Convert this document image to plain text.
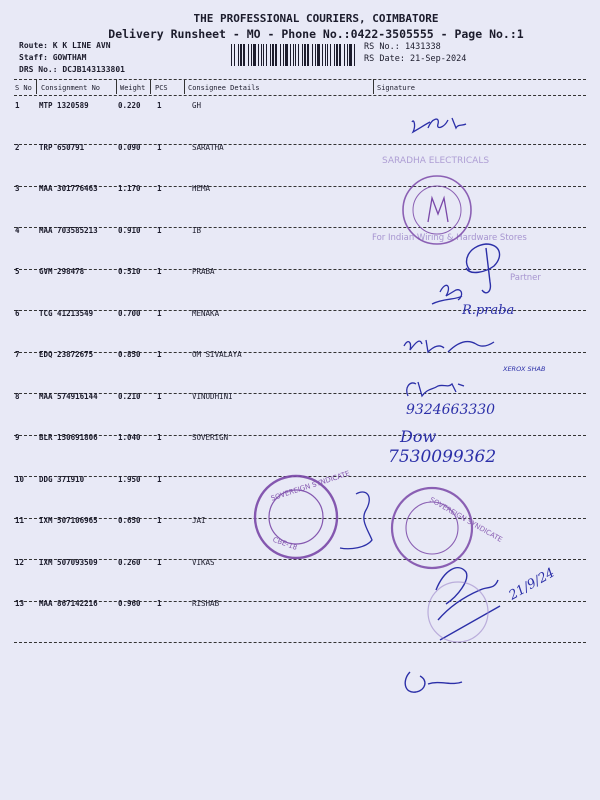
THE PROFESSIONAL COURIERS, COIMBATORE
Delivery Runsheet - MO - Phone No.:0422-3505555 - Page No.:1
Route: K K LINE AVN
Staff: GOWTHAM
DRS No.: DCJB143133801
RS No.: 1431338
RS Date: 21-Sep-2024
S No Consignment No	Weight PCS	Consignee Details	Signature
1	MTP 1320589	0.220 1	GH
2	TRP 650791	0.090 1	SARATHA
3	MAA 301776463	1.170 1	HEMA
4	MAA 703585213	0.910 1	IB
5	GVM 298478	0.510 1	PRABA
6	TCG 41213549	0.700 1	MENAKA
7	EDQ 23872675	0.850 1	OM SIVALAYA
8	MAA 574916144	0.210 1	VINODHINI
9	BLR 150691806	1.040 1	SOVERIGN
10 DDG 371910	1.950 1
11 IXM 507106965	0.650 1	JAI
12 IXM 507093509	0.260 1	VIKAS
13 MAA 867142216	0.960 1	RISHAB
SARADHA ELECTRICALS
For Indian Wiring & Hardware Stores
Partner
R.praba
XEROX SHAB
9324663330
Dow
7530099362
SOVEREIGN SYNDICATE
CBE-18	SOVEREIGN SYNDICATE
21/9/24
